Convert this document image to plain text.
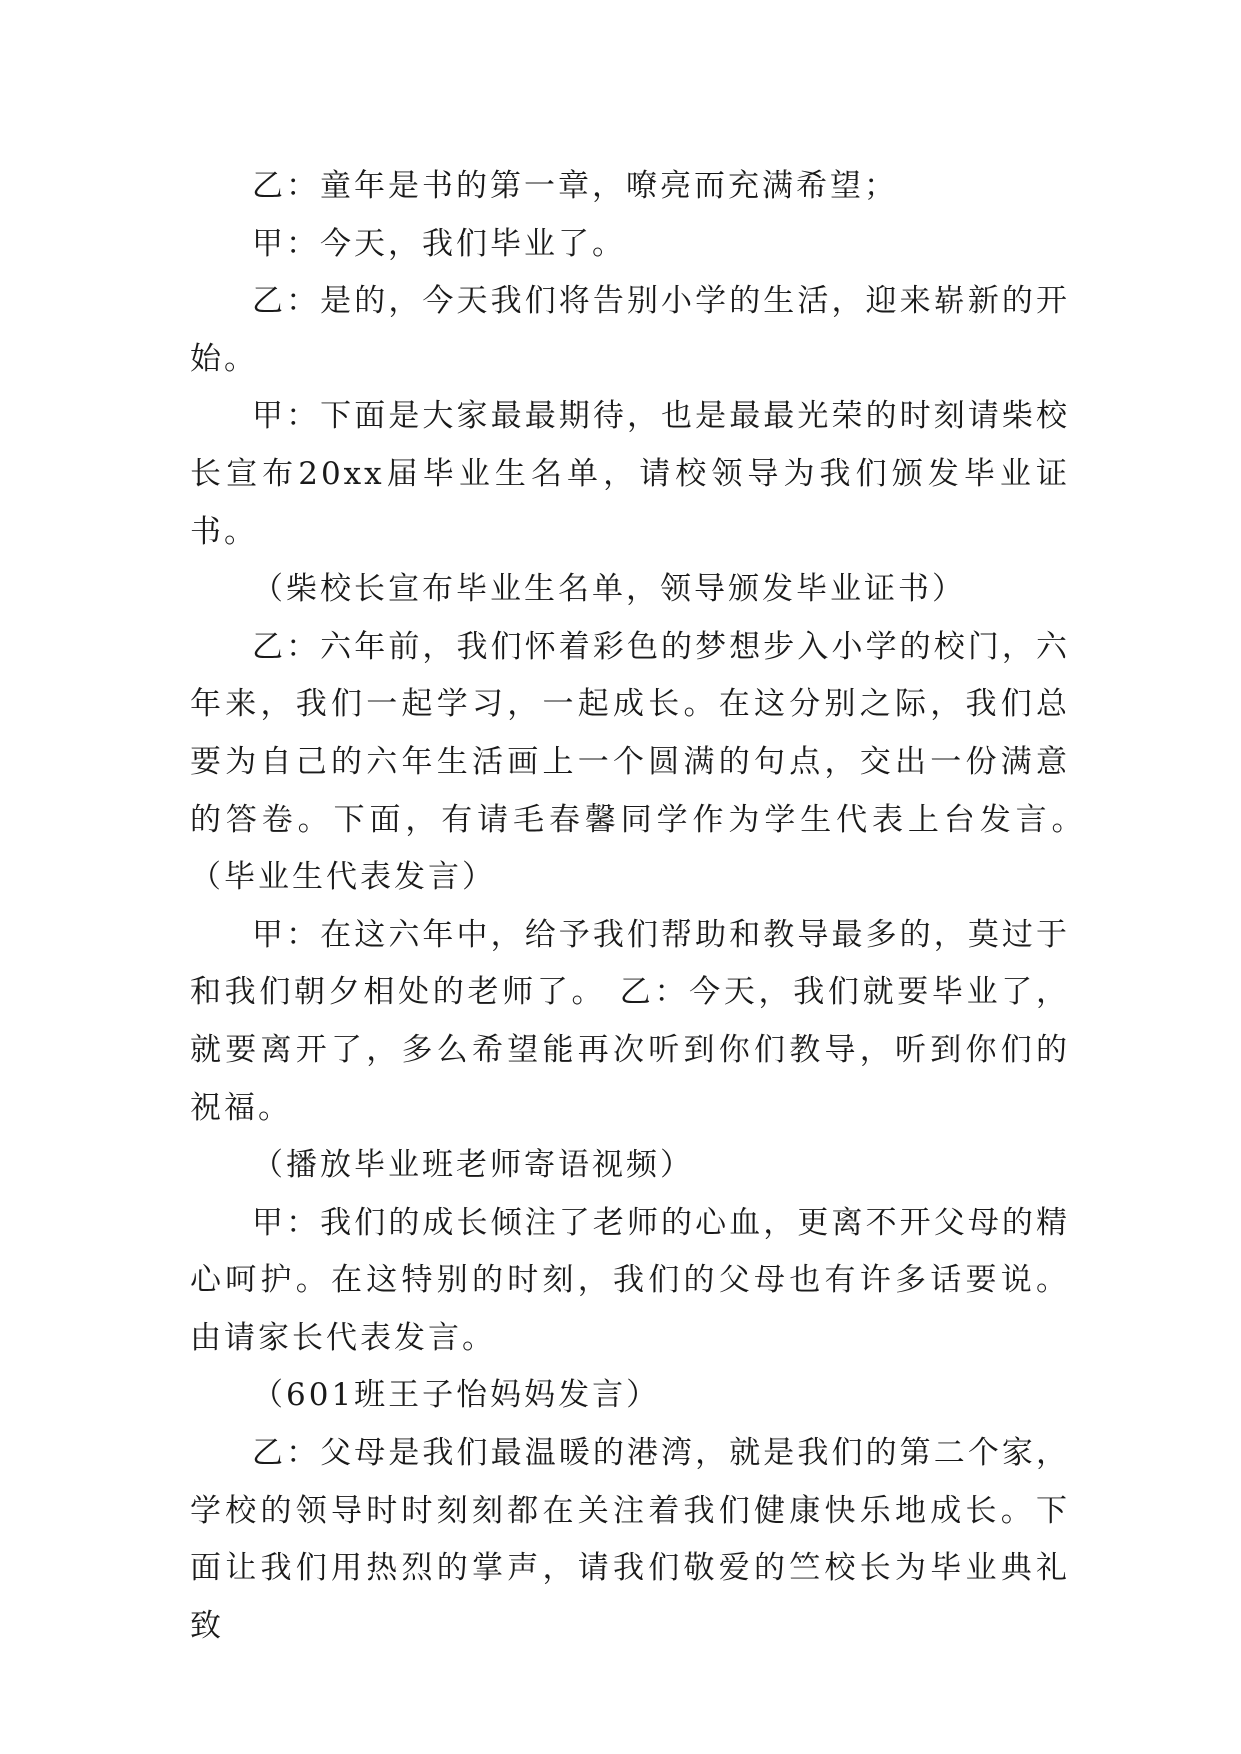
乙：童年是书的第一章，嘹亮而充满希望；

甲：今天，我们毕业了。

乙：是的，今天我们将告别小学的生活，迎来崭新的开始。

甲：下面是大家最最期待，也是最最光荣的时刻请柴校长宣布20xx届毕业生名单，请校领导为我们颁发毕业证书。

（柴校长宣布毕业生名单，领导颁发毕业证书）

乙：六年前，我们怀着彩色的梦想步入小学的校门，六年来，我们一起学习，一起成长。在这分别之际，我们总要为自己的六年生活画上一个圆满的句点，交出一份满意的答卷。下面，有请毛春馨同学作为学生代表上台发言。　（毕业生代表发言）

甲：在这六年中，给予我们帮助和教导最多的，莫过于和我们朝夕相处的老师了。 乙：今天，我们就要毕业了，就要离开了，多么希望能再次听到你们教导，听到你们的祝福。

（播放毕业班老师寄语视频）

甲：我们的成长倾注了老师的心血，更离不开父母的精心呵护。在这特别的时刻，我们的父母也有许多话要说。由请家长代表发言。

（601班王子怡妈妈发言）

乙：父母是我们最温暖的港湾，就是我们的第二个家，学校的领导时时刻刻都在关注着我们健康快乐地成长。下面让我们用热烈的掌声，请我们敬爱的竺校长为毕业典礼致
